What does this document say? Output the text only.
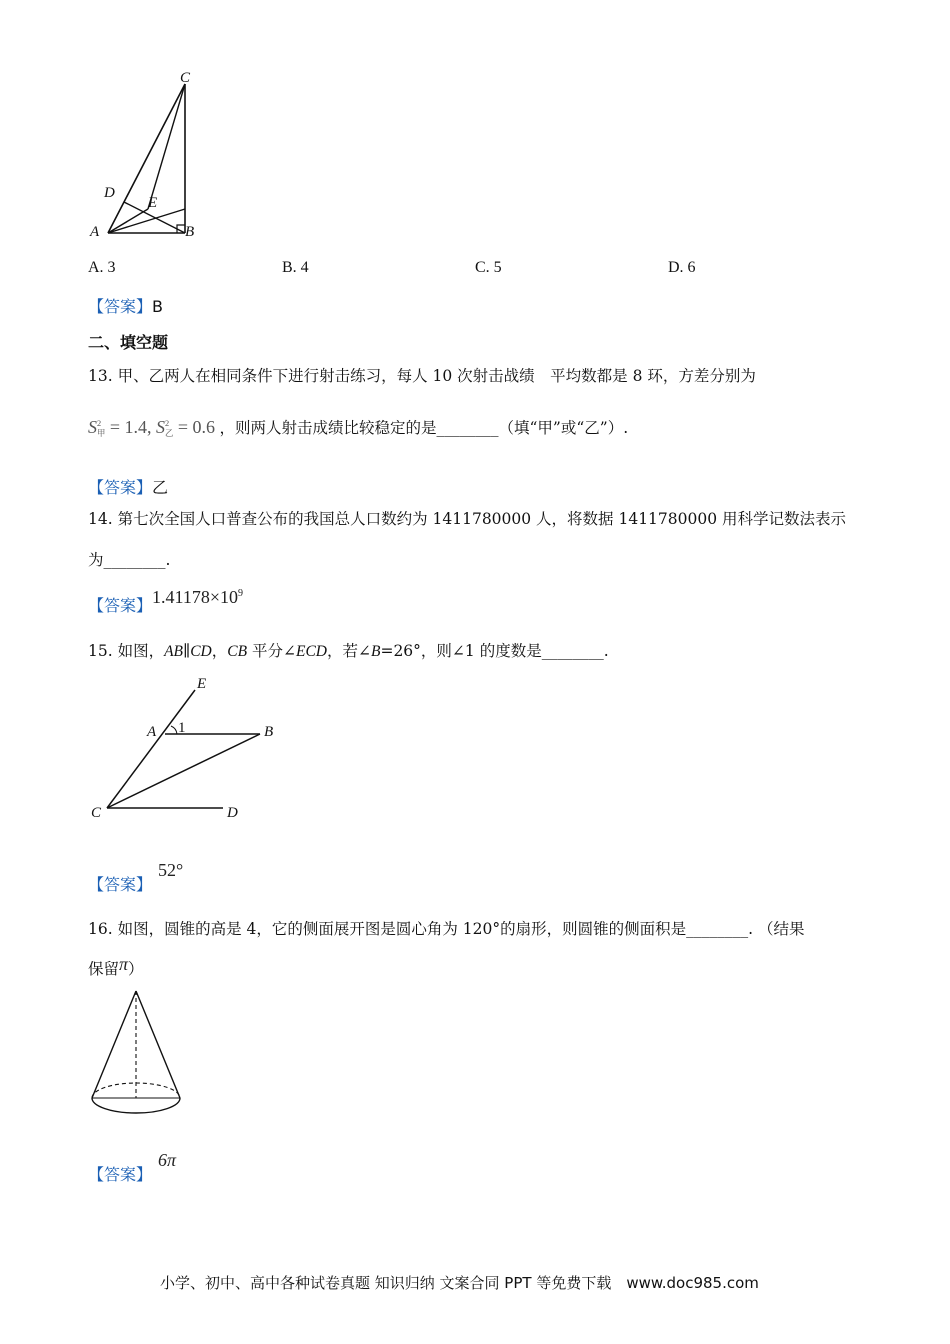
C
D
E
A	B
A. 3	B. 4	C. 5	D. 6
【答案】B
二、填空题
13. 甲、乙两人在相同条件下进行射击练习，每人 10 次射击战绩　平均数都是 8 环，方差分别为
S 2
甲 = 1.4, S 2
乙 = 0.6 ，则两人射击成绩比较稳定的是________（填“甲”或“乙”）.
【答案】乙
14. 第七次全国人口普查公布的我国总人口数约为 1411780000 人，将数据 1411780000 用科学记数法表示
为________.
【答案】$1.41178\times 10^9$
15. 如图，AB∥CD，CB 平分∠ECD，若∠B=26°，则∠1 的度数是________.
E
A 1	B
C	D
【答案】52°
16. 如图，圆锥的高是 4，它的侧面展开图是圆心角为 120°的扇形，则圆锥的侧面积是________. （结果
保留π）
【答案】6π
小学、初中、高中各种试卷真题 知识归纳 文案合同 PPT 等免费下载　www.doc985.com
